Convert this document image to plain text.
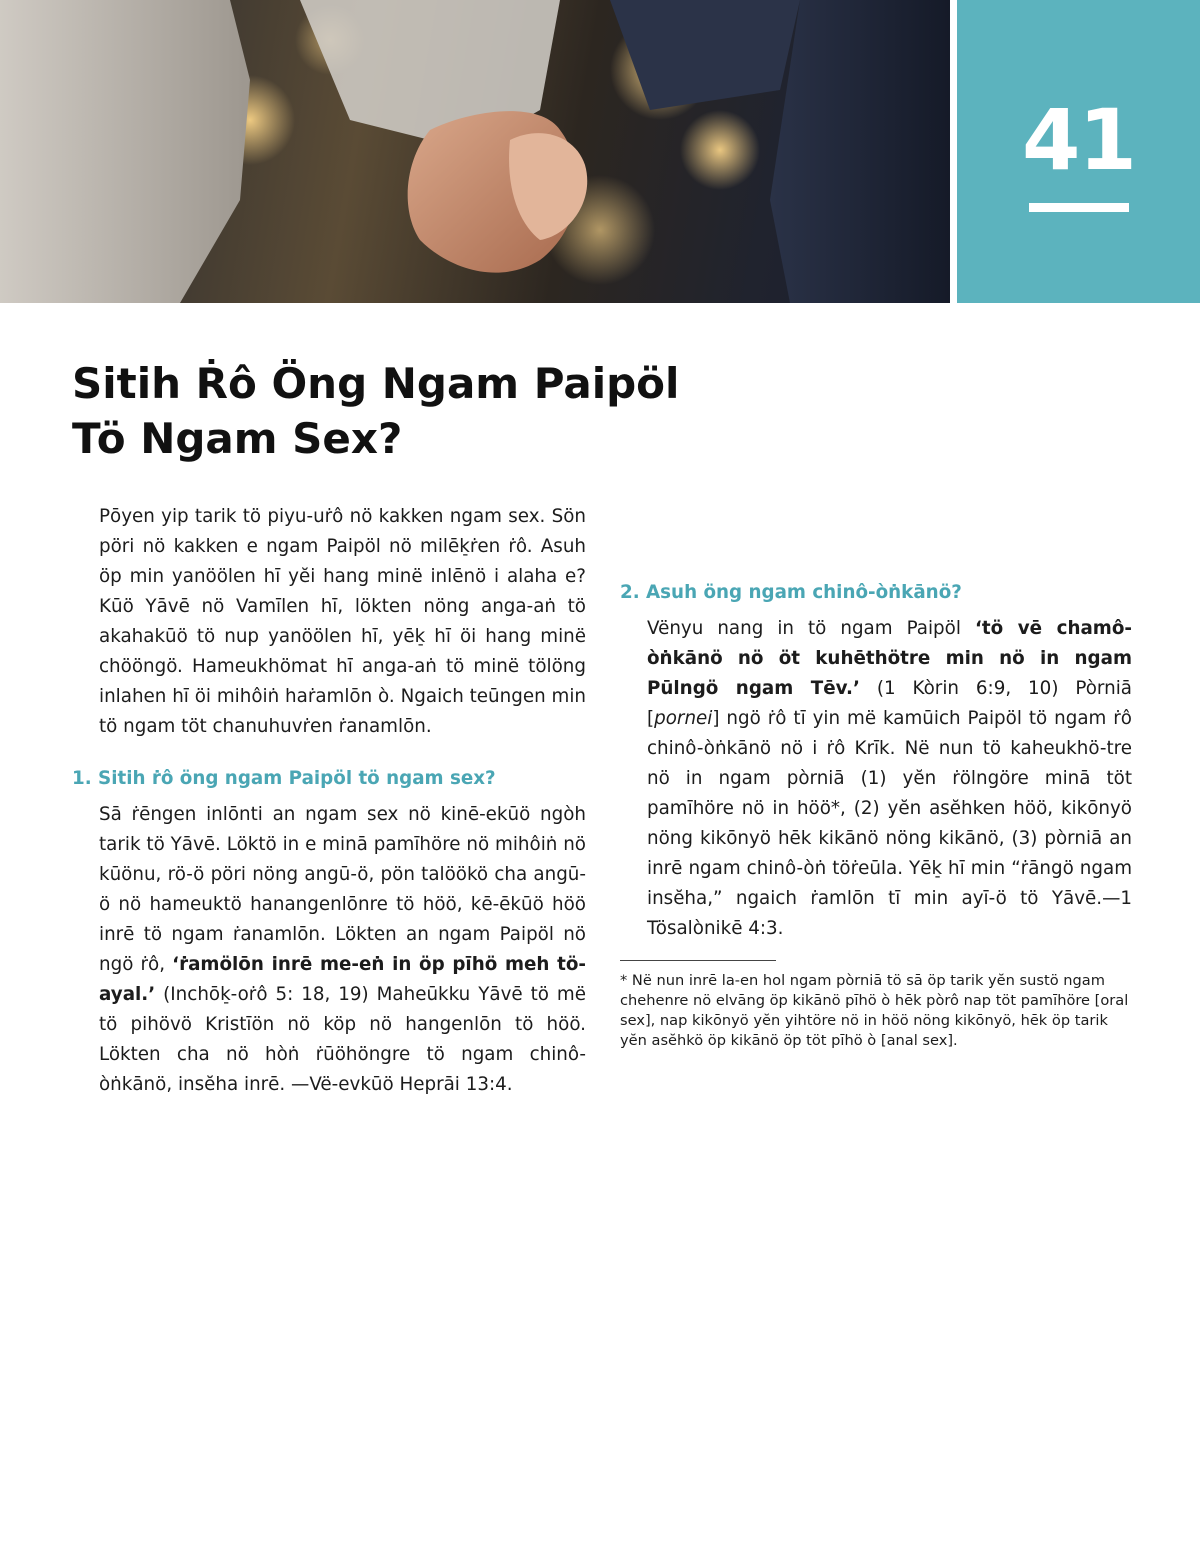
41
Sitih Ṙô Öng Ngam Paipöl
Tö Ngam Sex?

Pōyen yip tarik tö piyu-uṙô nö kakken ngam sex. Sön pöri nö kakken e ngam Paipöl nö milēk̠ṙen ṙô. Asuh öp min yanöölen hī yĕi hang minë inlēnö i alaha e? Kūö Yāvē nö Vamīlen hī, lökten nöng anga-aṅ tö akahakūö tö nup yanöölen hī, yēk̠ hī öi hang minë chööngö. Hameukhömat hī anga-aṅ tö minë tölöng inlahen hī öi mihôiṅ haṙamlōn ò. Ngaich teūngen min tö ngam töt chanuhuvṙen ṙanamlōn.

1. Sitih ṙô öng ngam Paipöl tö ngam sex?

Sā ṙēngen inlōnti an ngam sex nö kinē-ekūö ngòh tarik tö Yāvē. Löktö in e minā pamīhöre nö mihôiṅ nö kūönu, rö-ö pöri nöng angū-ö, pön talöökö cha angū-ö nö hameuktö hanangenlōnre tö höö, kē-ēkūö höö inrē tö ngam ṙanamlōn. Lökten an ngam Paipöl nö ngö ṙô, ‘ṙamölōn inrē me-eṅ in öp pīhö meh tö-ayal.’ (Inchōk̠-oṙô 5: 18, 19) Maheūkku Yāvē tö më tö pihövö Kristīön nö köp nö hangenlōn tö höö. Lökten cha nö hòṅ ṙūöhöngre tö ngam chinô-òṅkānö, insĕha inrē. —Vë-evkūö Heprāi 13:4.

2. Asuh öng ngam chinô-òṅkānö?

Vënyu nang in tö ngam Paipöl ‘tö vē chamô-òṅkānö nö öt kuhēthötre min nö in ngam Pūlngö ngam Tēv.’ (1 Kòrin 6:9, 10) Pòrniā [pornei] ngö ṙô tī yin më kamūich Paipöl tö ngam ṙô chinô-òṅkānö nö i ṙô Krīk. Në nun tö kaheukhö-tre nö in ngam pòrniā (1) yĕn ṙölngöre minā töt pamīhöre nö in höö*, (2) yĕn asĕhken höö, kikōnyö nöng kikōnyö hēk kikānö nöng kikānö, (3) pòrniā an inrē ngam chinô-òṅ töṙeūla. Yēk̠ hī min “ṙāngö ngam insĕha,” ngaich ṙamlōn tī min ayī-ö tö Yāvē.—1 Tösalònikē 4:3.

* Në nun inrē la-en hol ngam pòrniā tö sā öp tarik yĕn sustö ngam chehenre nö elvāng öp kikānö pīhö ò hēk pòrô nap töt pamīhöre [oral sex], nap kikōnyö yĕn yihtöre nö in höö nöng kikōnyö, hēk öp tarik yĕn asĕhkö öp kikānö öp töt pīhö ò [anal sex].
